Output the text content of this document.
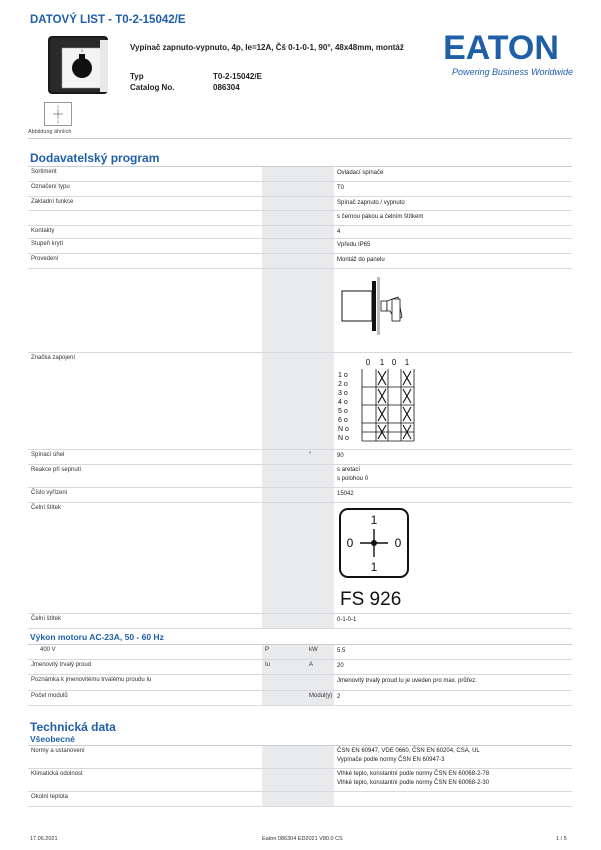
DATOVÝ LIST - T0-2-15042/E
1
1
1
Abbildung ähnlich
Vypínač zapnuto-vypnuto, 4p, Ie=12A, Čš 0-1-0-1, 90°, 48x48mm, montáž
Typ	T0-2-15042/E
Catalog No.	086304
EATON
Powering Business Worldwide
Dodavatelský program
Sortiment	Ovládací spínače
Označení typu	T0
Základní funkce	Spínač zapnuto / vypnuto
s černou pákou a čelním štítkem
Kontakty	4
Stupeň krytí	Vpředu IP65
Provedení	Montáž do panelu
Značka zapojení	0 1 0 1
1 o
2 o
3 o
4 o
5 o
6 o
N o
N o
Spínací úhel	°	90
Reakce při sepnutí	s aretací
s polohou 0
Číslo vyřízení	15042
Čelní štítek
1
0	0
1
FS 926
Čelní štítek	0-1-0-1
Výkon motoru AC-23A, 50 - 60 Hz
400 V	P	kW	5.5
Jmenovitý trvalý proud	Iu	A	20
Poznámka k jmenovitému trvalému proudu Iu	Jmenovitý trvalý proud Iu je uveden pro max. průřez.
Počet modulů	Modul(y) 2
Technická data
Všeobecné
Normy a ustanovení	ČSN EN 60947, VDE 0660, ČSN EN 60204, CSA, UL
Vypínače podle normy ČSN EN 60947-3
Klimatická odolnost	Vlhké teplo, konstantní podle normy ČSN EN 60068-2-78
Vlhké teplo, konstantní podle normy ČSN EN 60068-2-30
Okolní teplota
17.06.2021	Eaton 086304 ED2021 V80.0 CS	1 / 5
